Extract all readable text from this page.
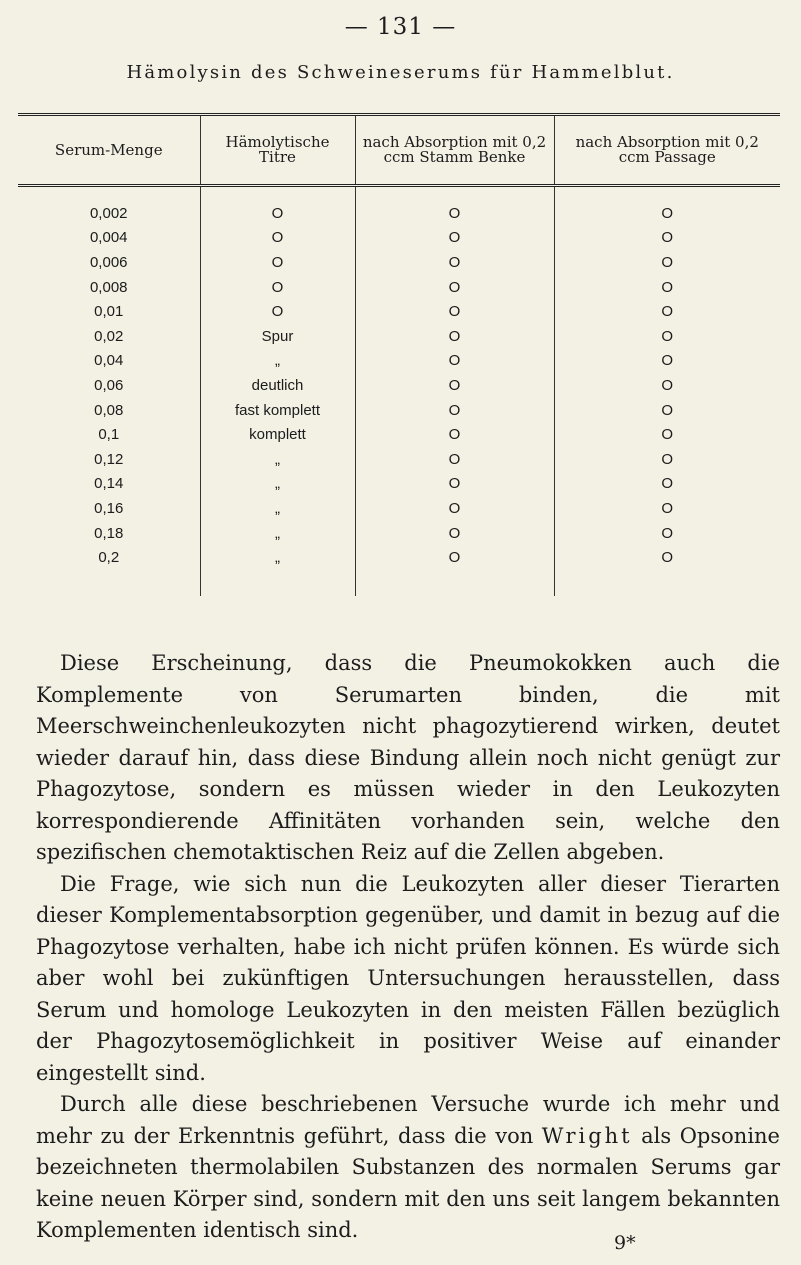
— 131 —
Hämolysin des Schweineserums für Hammelblut.
Serum-Menge	Hämolytische Titre	nach Absorption mit 0,2 ccm Stamm Benke	nach Absorption mit 0,2 ccm Passage
0,002	O	O	O
0,004	O	O	O
0,006	O	O	O
0,008	O	O	O
0,01	O	O	O
0,02	Spur	O	O
0,04	„	O	O
0,06	deutlich	O	O
0,08	fast komplett	O	O
0,1	komplett	O	O
0,12	„	O	O
0,14	„	O	O
0,16	„	O	O
0,18	„	O	O
0,2	„	O	O

Diese Erscheinung, dass die Pneumokokken auch die Komplemente von Serumarten binden, die mit Meerschweinchenleukozyten nicht phagozytierend wirken, deutet wieder darauf hin, dass diese Bindung allein noch nicht genügt zur Phagozytose, sondern es müssen wieder in den Leukozyten korrespondierende Affinitäten vorhanden sein, welche den spezifischen chemotaktischen Reiz auf die Zellen abgeben.

Die Frage, wie sich nun die Leukozyten aller dieser Tierarten dieser Komplementabsorption gegenüber, und damit in bezug auf die Phagozytose verhalten, habe ich nicht prüfen können. Es würde sich aber wohl bei zukünftigen Untersuchungen herausstellen, dass Serum und homologe Leukozyten in den meisten Fällen bezüglich der Phagozytosemöglichkeit in positiver Weise auf einander eingestellt sind.

Durch alle diese beschriebenen Versuche wurde ich mehr und mehr zu der Erkenntnis geführt, dass die von Wright als Opsonine bezeichneten thermolabilen Substanzen des normalen Serums gar keine neuen Körper sind, sondern mit den uns seit langem bekannten Komplementen identisch sind.

9*
